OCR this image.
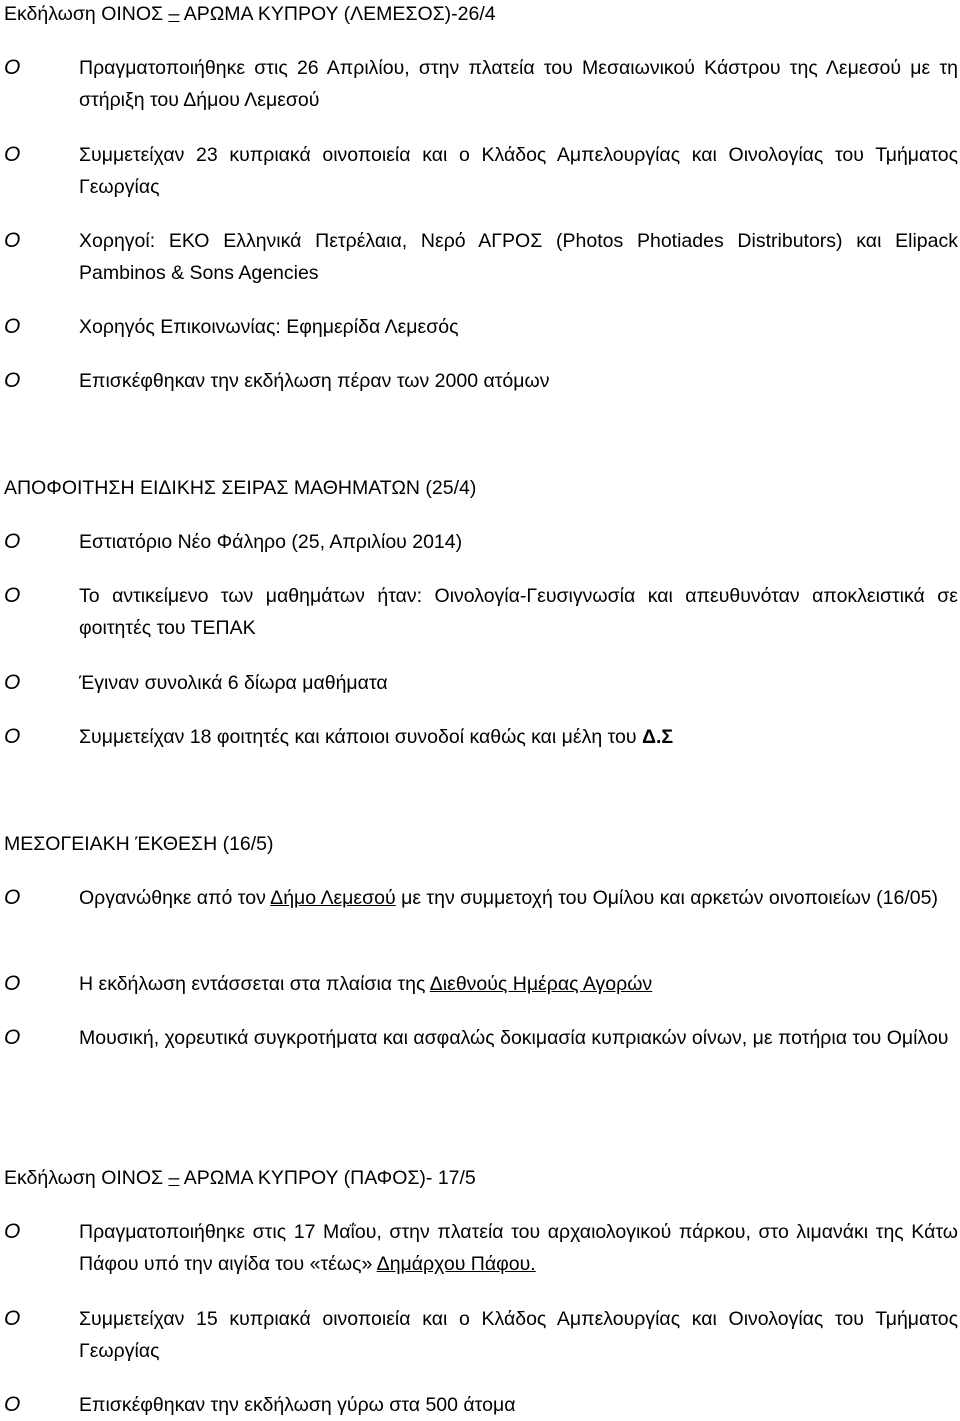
Εκδήλωση ΟΙΝΟΣ – ΑΡΩΜΑ ΚΥΠΡΟΥ (ΛΕΜΕΣΟΣ)-26/4
O	Πραγματοποιήθηκε στις 26 Απριλίου, στην πλατεία του Μεσαιωνικού Κάστρου της Λεμεσού με τη στήριξη του Δήμου Λεμεσού
O	Συμμετείχαν 23 κυπριακά οινοποιεία και ο Κλάδος Αμπελουργίας και Οινολογίας του Τμήματος Γεωργίας
O	Χορηγοί: ΕΚΟ Ελληνικά Πετρέλαια, Νερό ΑΓΡΟΣ (Photos Photiades Distributors) και Elipack Pambinos & Sons Agencies
O	Χορηγός Επικοινωνίας: Εφημερίδα Λεμεσός
O	Επισκέφθηκαν την εκδήλωση πέραν των 2000 ατόμων
ΑΠΟΦΟΙΤΗΣΗ ΕΙΔΙΚΗΣ ΣΕΙΡΑΣ ΜΑΘΗΜΑΤΩΝ (25/4)
O	Εστιατόριο Νέο Φάληρο (25, Απριλίου 2014)
O	Το αντικείμενο των μαθημάτων ήταν: Οινολογία-Γευσιγνωσία και απευθυνόταν αποκλειστικά σε φοιτητές του ΤΕΠΑΚ
O	Έγιναν συνολικά 6 δίωρα μαθήματα
O	Συμμετείχαν 18 φοιτητές και κάποιοι συνοδοί καθώς και μέλη του Δ.Σ
ΜΕΣΟΓΕΙΑΚΗ ΈΚΘΕΣΗ (16/5)
O	Οργανώθηκε από τον Δήμο Λεμεσού με την συμμετοχή του Ομίλου και αρκετών οινοποιείων (16/05)
O	Η εκδήλωση εντάσσεται στα πλαίσια της Διεθνούς Ημέρας Αγορών
O	Μουσική, χορευτικά συγκροτήματα και ασφαλώς δοκιμασία κυπριακών οίνων, με ποτήρια του Ομίλου
Εκδήλωση ΟΙΝΟΣ – ΑΡΩΜΑ ΚΥΠΡΟΥ (ΠΑΦΟΣ)- 17/5
O	Πραγματοποιήθηκε στις 17 Μαΐου, στην πλατεία του αρχαιολογικού πάρκου, στο λιμανάκι της Κάτω Πάφου υπό την αιγίδα του «τέως» Δημάρχου Πάφου.
O	Συμμετείχαν 15 κυπριακά οινοποιεία και ο Κλάδος Αμπελουργίας και Οινολογίας του Τμήματος Γεωργίας
O	Επισκέφθηκαν την εκδήλωση γύρω στα 500 άτομα
